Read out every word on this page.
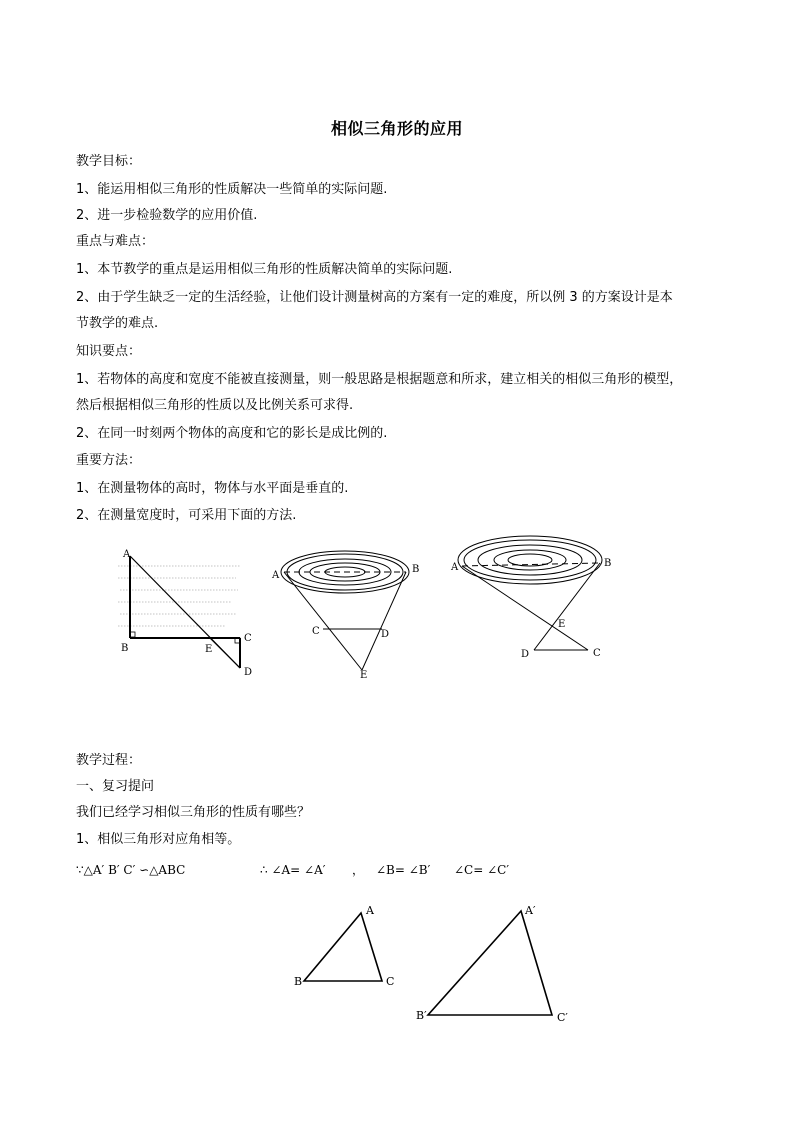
相似三角形的应用
教学目标：
1、能运用相似三角形的性质解决一些简单的实际问题.
2、进一步检验数学的应用价值.
重点与难点：
1、本节教学的重点是运用相似三角形的性质解决简单的实际问题.
2、由于学生缺乏一定的生活经验，让他们设计测量树高的方案有一定的难度，所以例 3 的方案设计是本
节教学的难点.
知识要点：
1、若物体的高度和宽度不能被直接测量，则一般思路是根据题意和所求，建立相关的相似三角形的模型，
然后根据相似三角形的性质以及比例关系可求得.
2、在同一时刻两个物体的高度和它的影长是成比例的.
重要方法：
1、在测量物体的高时，物体与水平面是垂直的.
2、在测量宽度时，可采用下面的方法.
教学过程：
一、复习提问
我们已经学习相似三角形的性质有哪些？
1、相似三角形对应角相等。
∵△A′ B′ C′ ∽△ABC	∴ ∠A= ∠A′ ， ∠B= ∠B′ ∠C= ∠C′
A
B
C
D
E
A
B
C	D
E
A	B
C
D
E
A
B	C
A′
B′	C′
